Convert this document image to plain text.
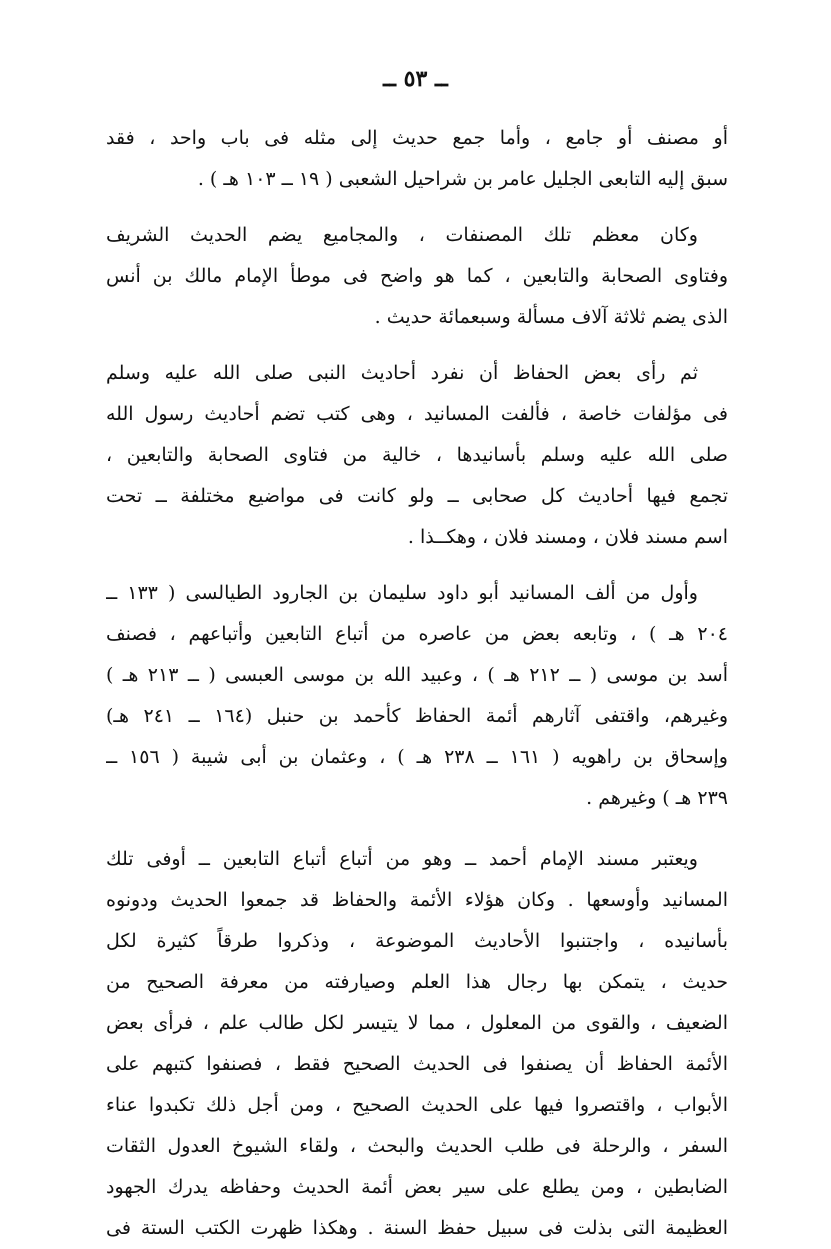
ــ ٥٣ ــ
أو مصنف أو جامع ، وأما جمع حديث إلى مثله فى باب واحد ، فقد
سبق إليه التابعى الجليل عامر بن شراحيل الشعبى ( ١٩ ــ ١٠٣ هـ ) .
وكان معظم تلك المصنفات ، والمجاميع يضم الحديث الشريف
وفتاوى الصحابة والتابعين ، كما هو واضح فى موطأ الإمام مالك بن أنس
الذى يضم ثلاثة آلاف مسألة وسبعمائة حديث .
ثم رأى بعض الحفاظ أن نفرد أحاديث النبى صلى الله عليه وسلم
فى مؤلفات خاصة ، فألفت المسانيد ، وهى كتب تضم أحاديث رسول الله
صلى الله عليه وسلم بأسانيدها ، خالية من فتاوى الصحابة والتابعين ،
تجمع فيها أحاديث كل صحابى ــ ولو كانت فى مواضيع مختلفة ــ تحت
اسم مسند فلان ، ومسند فلان ، وهكــذا .
وأول من ألف المسانيد أبو داود سليمان بن الجارود الطيالسى ( ١٣٣ ــ
٢٠٤ هـ ) ، وتابعه بعض من عاصره من أتباع التابعين وأتباعهم ، فصنف
أسد بن موسى ( ــ ٢١٢ هـ ) ، وعبيد الله بن موسى العبسى ( ــ ٢١٣ هـ )
وغيرهم، واقتفى آثارهم أئمة الحفاظ كأحمد بن حنبل (١٦٤ ــ ٢٤١ هـ)
وإسحاق بن راهويه ( ١٦١ ــ ٢٣٨ هـ ) ، وعثمان بن أبى شيبة ( ١٥٦ ــ
٢٣٩ هـ ) وغيرهم .
ويعتبر مسند الإمام أحمد ــ وهو من أتباع أتباع التابعين ــ أوفى تلك
المسانيد وأوسعها . وكان هؤلاء الأئمة والحفاظ قد جمعوا الحديث ودونوه
بأسانيده ، واجتنبوا الأحاديث الموضوعة ، وذكروا طرقاً كثيرة لكل
حديث ، يتمكن بها رجال هذا العلم وصيارفته من معرفة الصحيح من
الضعيف ، والقوى من المعلول ، مما لا يتيسر لكل طالب علم ، فرأى بعض
الأئمة الحفاظ أن يصنفوا فى الحديث الصحيح فقط ، فصنفوا كتبهم على
الأبواب ، واقتصروا فيها على الحديث الصحيح ، ومن أجل ذلك تكبدوا عناء
السفر ، والرحلة فى طلب الحديث والبحث ، ولقاء الشيوخ العدول الثقات
الضابطين ، ومن يطلع على سير بعض أئمة الحديث وحفاظه يدرك الجهود
العظيمة التى بذلت فى سبيل حفظ السنة . وهكذا ظهرت الكتب الستة فى
